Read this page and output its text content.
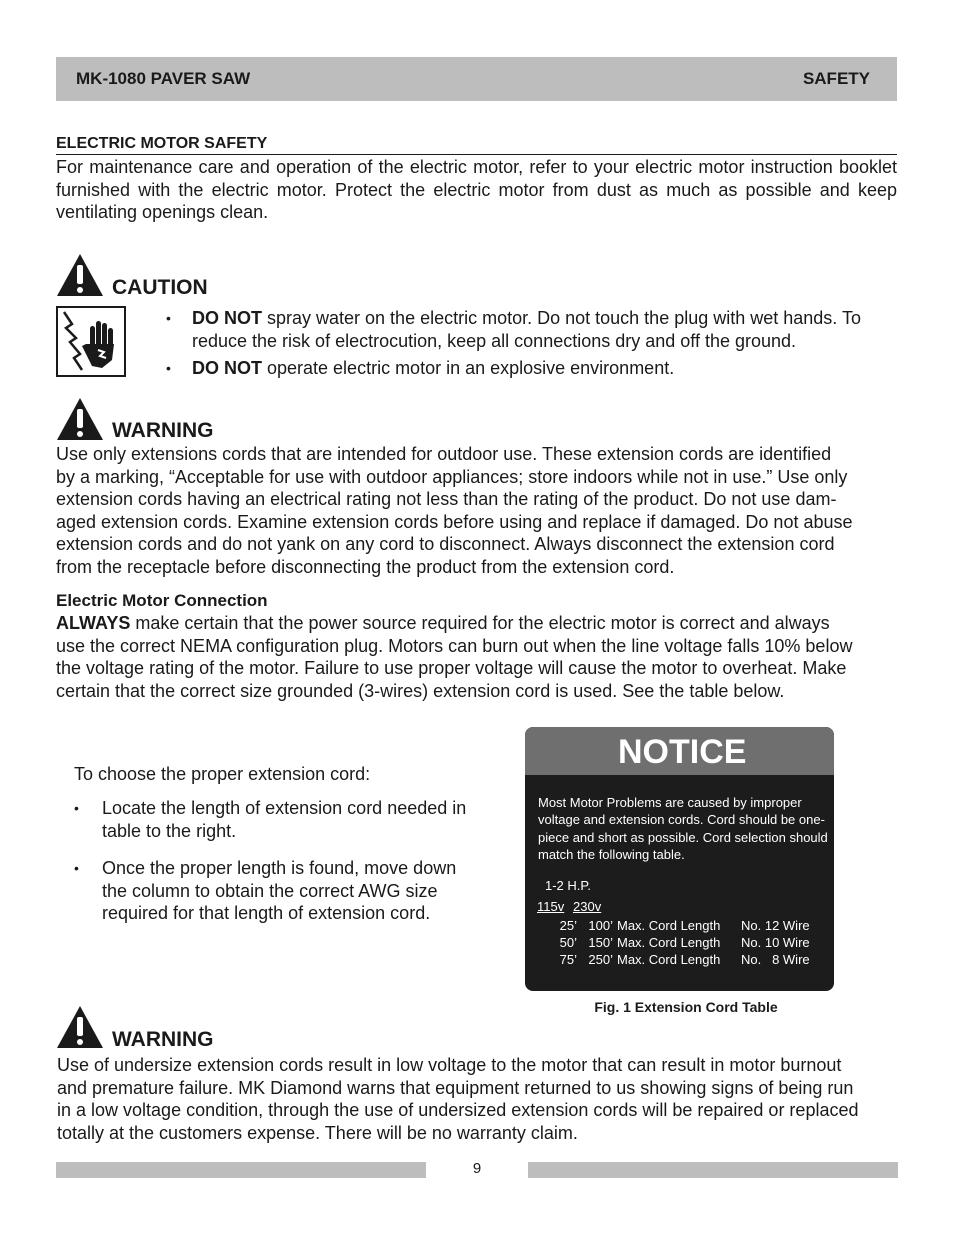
MK-1080 PAVER SAW	SAFETY
ELECTRIC MOTOR SAFETY
For maintenance care and operation of the electric motor, refer to your electric motor instruction booklet furnished with the electric motor. Protect the electric motor from dust as much as possible and keep ventilating openings clean.
CAUTION
• DO NOT spray water on the electric motor. Do not touch the plug with wet hands. To reduce the risk of electrocution, keep all connections dry and off the ground.
• DO NOT operate electric motor in an explosive environment.
WARNING
Use only extensions cords that are intended for outdoor use. These extension cords are identified
by a marking, “Acceptable for use with outdoor appliances; store indoors while not in use.” Use only
extension cords having an electrical rating not less than the rating of the product. Do not use dam-
aged extension cords. Examine extension cords before using and replace if damaged. Do not abuse
extension cords and do not yank on any cord to disconnect. Always disconnect the extension cord
from the receptacle before disconnecting the product from the extension cord.
Electric Motor Connection
ALWAYS make certain that the power source required for the electric motor is correct and always
use the correct NEMA configuration plug. Motors can burn out when the line voltage falls 10% below
the voltage rating of the motor. Failure to use proper voltage will cause the motor to overheat. Make
certain that the correct size grounded (3-wires) extension cord is used. See the table below.
To choose the proper extension cord:
• Locate the length of extension cord needed in table to the right.
• Once the proper length is found, move down the column to obtain the correct AWG size required for that length of extension cord.
NOTICE
Most Motor Problems are caused by improper voltage and extension cords. Cord should be one-piece and short as possible. Cord selection should match the following table.
1-2 H.P.
115v 230v
25’ 100’ Max. Cord Length No. 12 Wire
50’ 150’ Max. Cord Length No. 10 Wire
75’ 250’ Max. Cord Length No.   8 Wire
Fig. 1 Extension Cord Table
WARNING
Use of undersize extension cords result in low voltage to the motor that can result in motor burnout
and premature failure. MK Diamond warns that equipment returned to us showing signs of being run
in a low voltage condition, through the use of undersized extension cords will be repaired or replaced
totally at the customers expense. There will be no warranty claim.
9
